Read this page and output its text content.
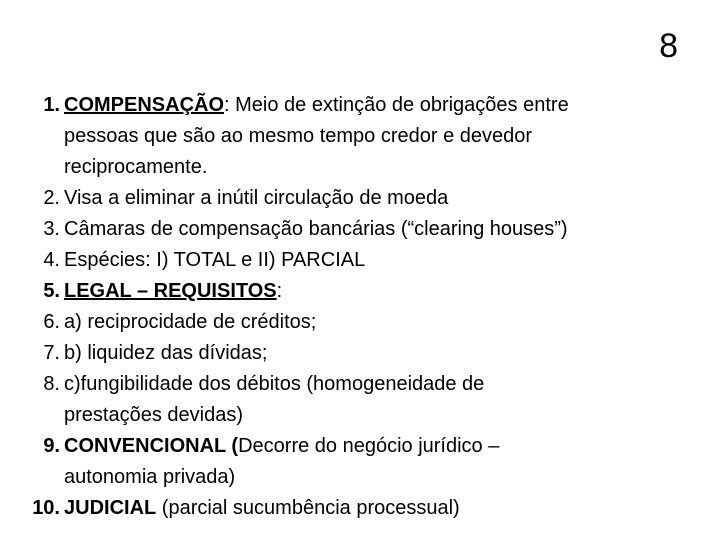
8
1. COMPENSAÇÃO: Meio de extinção de obrigações entre
pessoas que são ao mesmo tempo credor e devedor
reciprocamente.
2. Visa a eliminar a inútil circulação de moeda
3. Câmaras de compensação bancárias (“clearing houses”)
4. Espécies: I) TOTAL e II) PARCIAL
5. LEGAL – REQUISITOS:
6. a) reciprocidade de créditos;
7. b) liquidez das dívidas;
8. c)fungibilidade dos débitos (homogeneidade de
prestações devidas)
9. CONVENCIONAL (Decorre do negócio jurídico –
autonomia privada)
10. JUDICIAL (parcial sucumbência processual)
